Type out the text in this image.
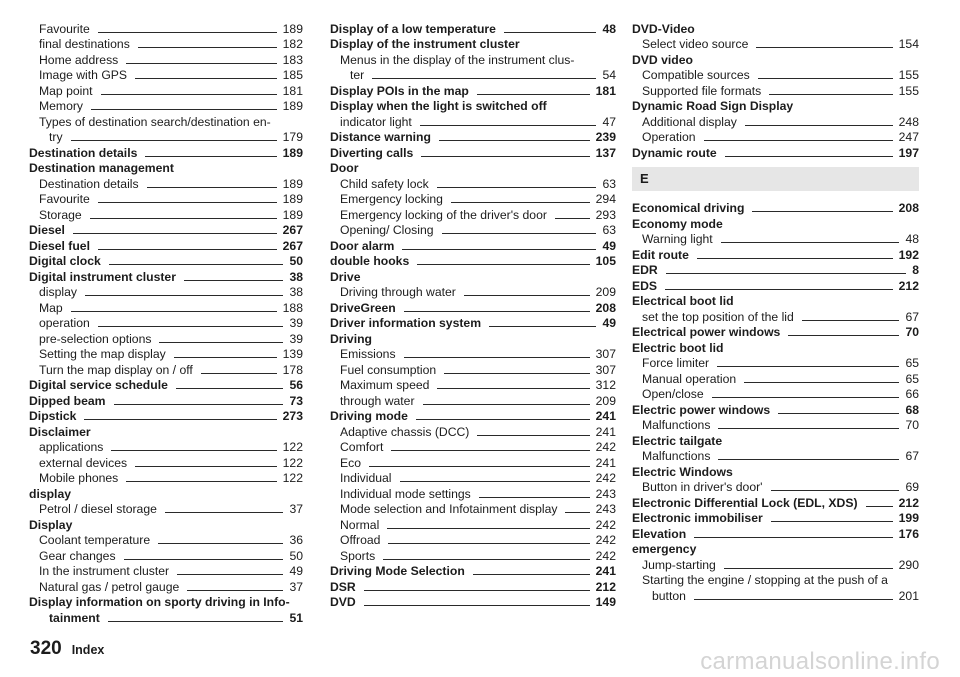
Favourite	189
final destinations	182
Home address	183
Image with GPS	185
Map point	181
Memory	189
Types of destination search/destination en-
try	179
Destination details	189
Destination management
Destination details	189
Favourite	189
Storage	189
Diesel	267
Diesel fuel	267
Digital clock	50
Digital instrument cluster	38
display	38
Map	188
operation	39
pre-selection options	39
Setting the map display	139
Turn the map display on / off	178
Digital service schedule	56
Dipped beam	73
Dipstick	273
Disclaimer
applications	122
external devices	122
Mobile phones	122
display
Petrol / diesel storage	37
Display
Coolant temperature	36
Gear changes	50
In the instrument cluster	49
Natural gas / petrol gauge	37
Display information on sporty driving in Info-
tainment	51
Display of a low temperature	48
Display of the instrument cluster
Menus in the display of the instrument clus-
ter	54
Display POIs in the map	181
Display when the light is switched off
indicator light	47
Distance warning	239
Diverting calls	137
Door
Child safety lock	63
Emergency locking	294
Emergency locking of the driver's door	293
Opening/ Closing	63
Door alarm	49
double hooks	105
Drive
Driving through water	209
DriveGreen	208
Driver information system	49
Driving
Emissions	307
Fuel consumption	307
Maximum speed	312
through water	209
Driving mode	241
Adaptive chassis (DCC)	241
Comfort	242
Eco	241
Individual	242
Individual mode settings	243
Mode selection and Infotainment display	243
Normal	242
Offroad	242
Sports	242
Driving Mode Selection	241
DSR	212
DVD	149
DVD-Video
Select video source	154
DVD video
Compatible sources	155
Supported file formats	155
Dynamic Road Sign Display
Additional display	248
Operation	247
Dynamic route	197
E
Economical driving	208
Economy mode
Warning light	48
Edit route	192
EDR	8
EDS	212
Electrical boot lid
set the top position of the lid	67
Electrical power windows	70
Electric boot lid
Force limiter	65
Manual operation	65
Open/close	66
Electric power windows	68
Malfunctions	70
Electric tailgate
Malfunctions	67
Electric Windows
Button in driver's door'	69
Electronic Differential Lock (EDL, XDS)	212
Electronic immobiliser	199
Elevation	176
emergency
Jump-starting	290
Starting the engine / stopping at the push of a
button	201
320 Index	carmanualsonline.info
